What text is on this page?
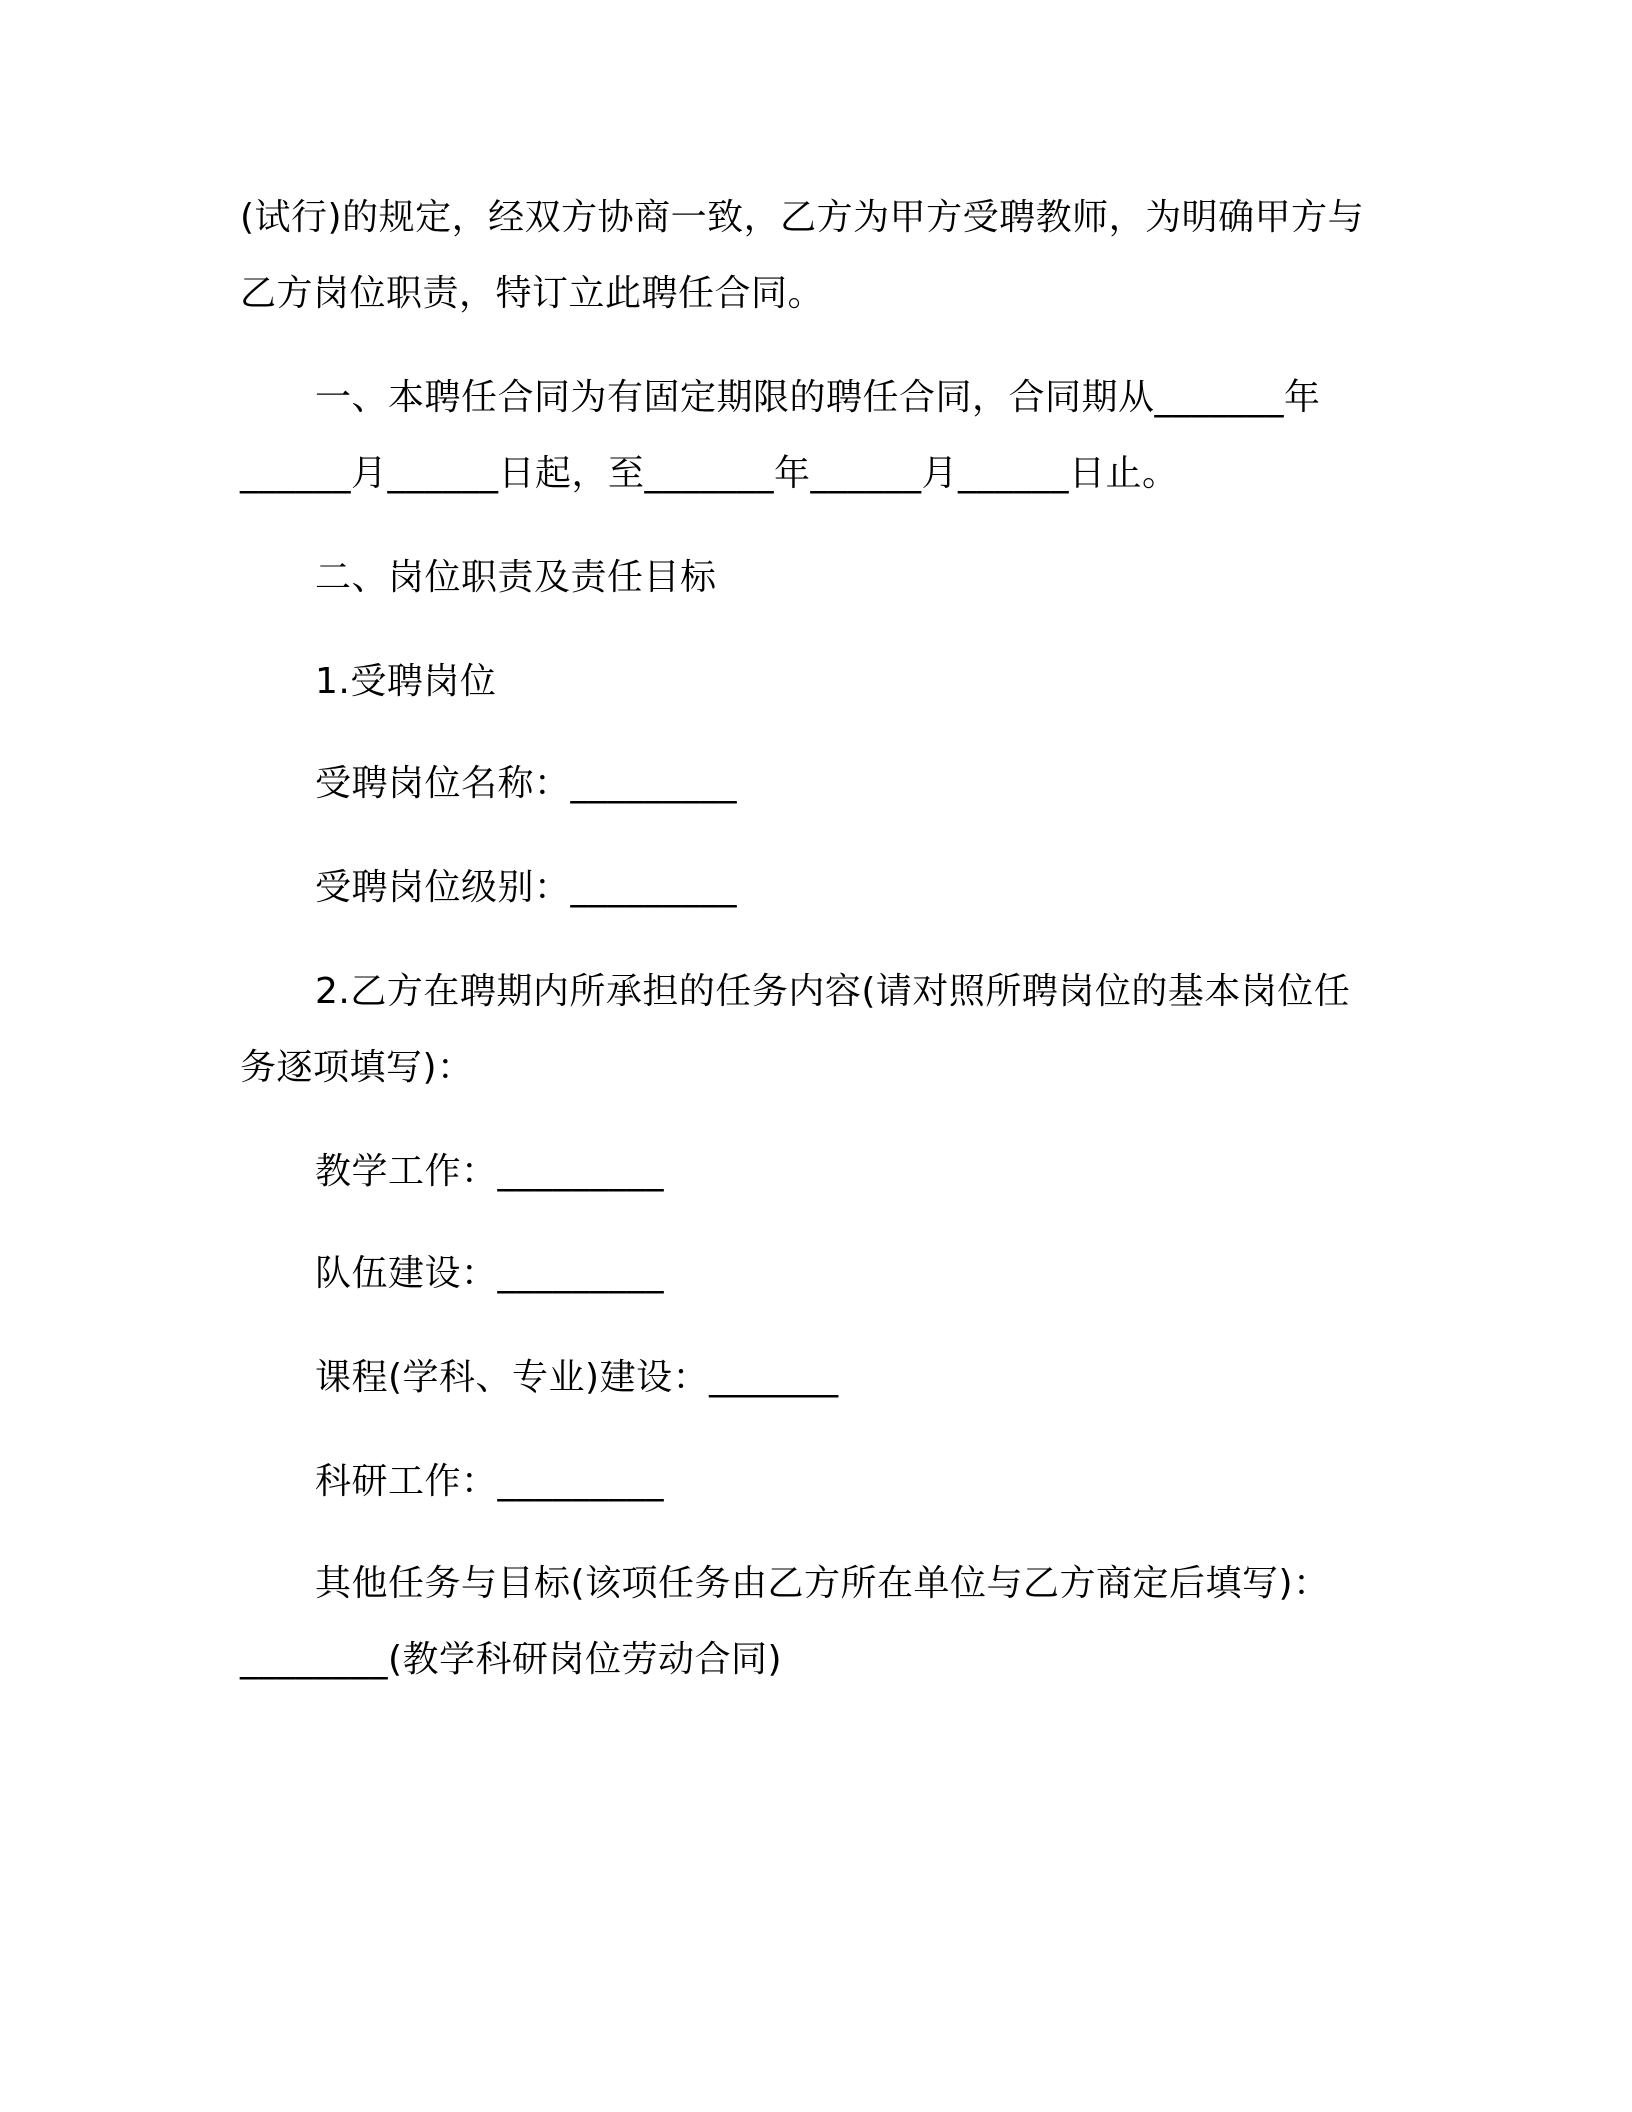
(试行)的规定，经双方协商一致，乙方为甲方受聘教师，为明确甲方与
乙方岗位职责，特订立此聘任合同。
一、本聘任合同为有固定期限的聘任合同，合同期从_______年
______月______日起，至_______年______月______日止。
二、岗位职责及责任目标
1.受聘岗位
受聘岗位名称：_________
受聘岗位级别：_________
2.乙方在聘期内所承担的任务内容(请对照所聘岗位的基本岗位任
务逐项填写)：
教学工作：_________
队伍建设：_________
课程(学科、专业)建设：_______
科研工作：_________
其他任务与目标(该项任务由乙方所在单位与乙方商定后填写)：
________(教学科研岗位劳动合同)
